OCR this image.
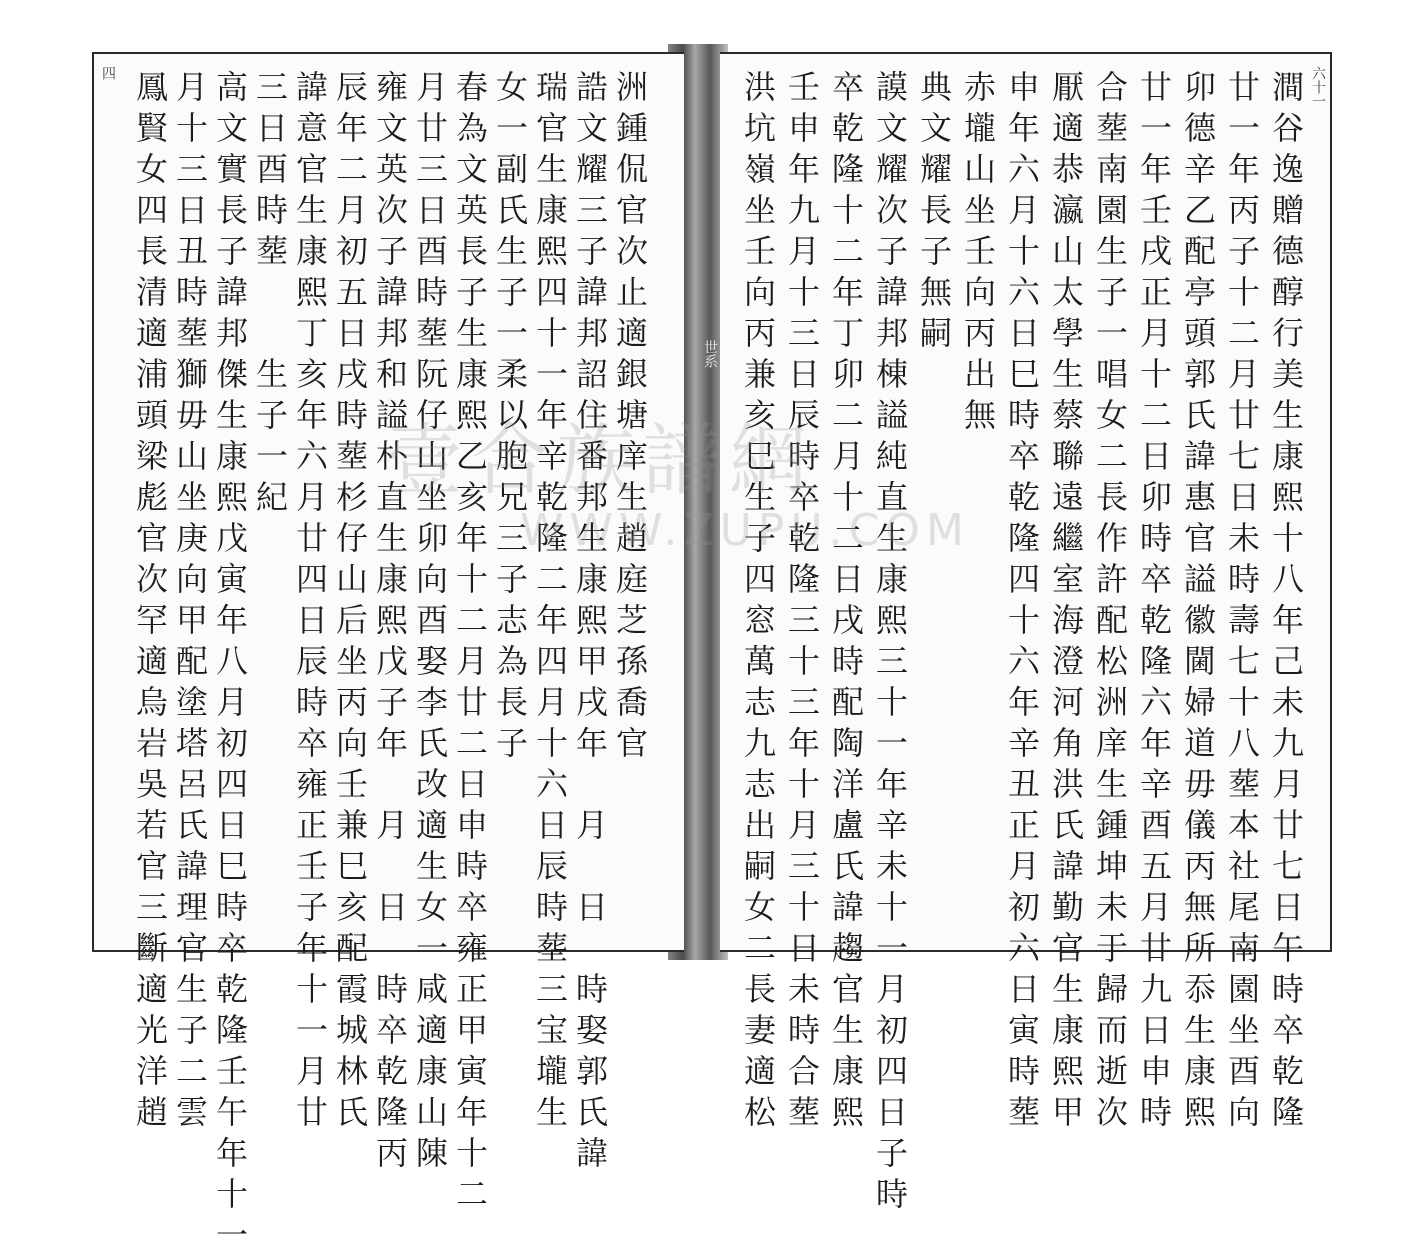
世系
四	六十一
澗谷逸贈德醇行美生康熙十八年己未九月廿七日午時卒乾隆
廿一年丙子十二月廿七日未時壽七十八塟本社尾南園坐酉向
卯德辛乙配亭頭郭氏諱惠官謚徽閫婦道毋儀丙無所忝生康熙
廿一年壬戌正月十二日卯時卒乾隆六年辛酉五月廿九日申時
合塟南園生子一唱女二長作許配松洲庠生鍾坤未于歸而逝次
厭適恭瀛山太學生蔡聯遠繼室海澄河角洪氏諱勤官生康熙甲
申年六月十六日巳時卒乾隆四十六年辛丑正月初六日寅時塟
赤壠山坐壬向丙出無
典文耀長子無嗣
謨文耀次子諱邦棟謚純直生康熙三十一年辛未十一月初四日子時
卒乾隆十二年丁卯二月十二日戌時配陶洋盧氏諱趨官生康熙
壬申年九月十三日辰時卒乾隆三十三年十月三十日未時合塟
洪坑嶺坐壬向丙兼亥巳生子四窓萬志九志出嗣女二長妻適松
洲鍾侃官次止適銀塘庠生趙庭芝孫喬官
誥文耀三子諱邦詔住番邦生康熙甲戌年　月　日　時娶郭氏諱
瑞官生康熙四十一年辛乾隆二年四月十六日辰時塟三宝壠生
女一副氏生子一柔以胞兄三子志為長子
春為文英長子生康熙乙亥年十二月廿二日申時卒雍正甲寅年十二
月廿三日酉時塟阮仔山坐卯向酉娶李氏改適生女一咸適康山陳
雍文英次子諱邦和謚朴直生康熙戊子年　月　日　時卒乾隆丙
辰年二月初五日戌時塟杉仔山后坐丙向壬兼巳亥配霞城林氏
諱意官生康熙丁亥年六月廿四日辰時卒雍正壬子年十一月廿
三日酉時塟　　生子一紀
高文實長子諱邦傑生康熙戊寅年八月初四日巳時卒乾隆壬午年十一
月十三日丑時塟獅毋山坐庚向甲配塗塔呂氏諱理官生子二雲
鳳賢女四長清適浦頭梁彪官次罕適烏岩吳若官三斷適光洋趙	壹合族譜網
WWW.ZUPU.COM
